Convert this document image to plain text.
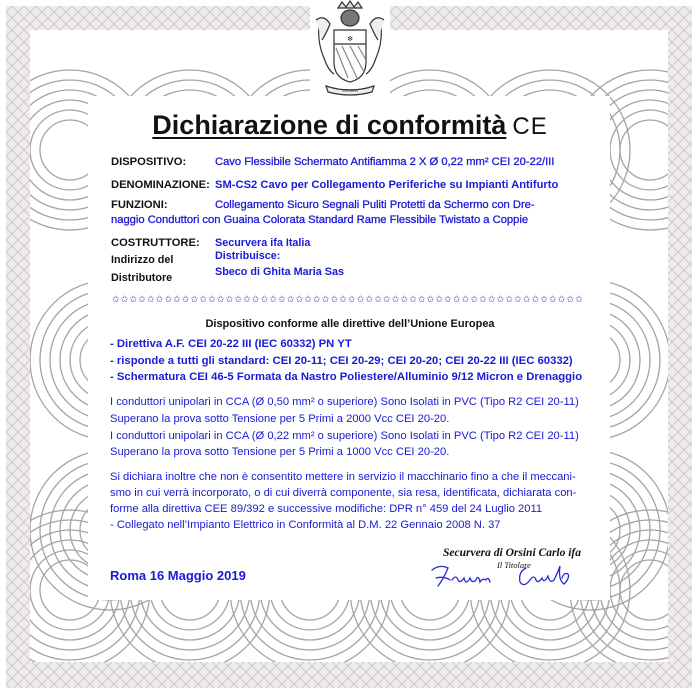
✻
ORSINI
Dichiarazione di conformità CE
DISPOSITIVO:	Cavo Flessibile Schermato Antifiamma 2 X Ø 0,22 mm² CEI 20-22/III
DENOMINAZIONE: SM-CS2 Cavo per Collegamento Periferiche su Impianti Antifurto
FUNZIONI:	Collegamento Sicuro Segnali Puliti Protetti da Schermo con Dre-
naggio Conduttori con Guaina Colorata Standard Rame Flessibile Twistato a Coppie
COSTRUTTORE: Securvera ifa Italia
Indirizzo del	Distribuisce:
Distributore	Sbeco di Ghita Maria Sas
✩✩✩✩✩✩✩✩✩✩✩✩✩✩✩✩✩✩✩✩✩✩✩✩✩✩✩✩✩✩✩✩✩✩✩✩✩✩✩✩✩✩✩✩✩✩✩✩✩✩✩✩✩✩
Dispositivo conforme alle direttive dell’Unione Europea
- Direttiva A.F. CEI 20-22 III (IEC 60332) PN YT
- risponde a tutti gli standard: CEI 20-11; CEI 20-29; CEI 20-20; CEI 20-22 III (IEC 60332)
- Schermatura CEI 46-5 Formata da Nastro Poliestere/Alluminio 9/12 Micron e Drenaggio
I conduttori unipolari in CCA (Ø 0,50 mm² o superiore) Sono Isolati in PVC (Tipo R2 CEI 20-11)
Superano la prova sotto Tensione per 5 Primi a 2000 Vcc CEI 20-20.
I conduttori unipolari in CCA (Ø 0,22 mm² o superiore) Sono Isolati in PVC (Tipo R2 CEI 20-11)
Superano la prova sotto Tensione per 5 Primi a 1000 Vcc CEI 20-20.
Si dichiara inoltre che non è consentito mettere in servizio il macchinario fino a che il meccani-
smo in cui verrà incorporato, o di cui diverrà componente, sia resa, identificata, dichiarata con-
forme alla direttiva CEE 89/392 e successive modifiche: DPR n° 459 del 24 Luglio 2011
- Collegato nell’Impianto Elettrico in Conformità al D.M. 22 Gennaio 2008 N. 37
Roma 16 Maggio 2019
Securvera di Orsini Carlo ifa
Il Titolare
